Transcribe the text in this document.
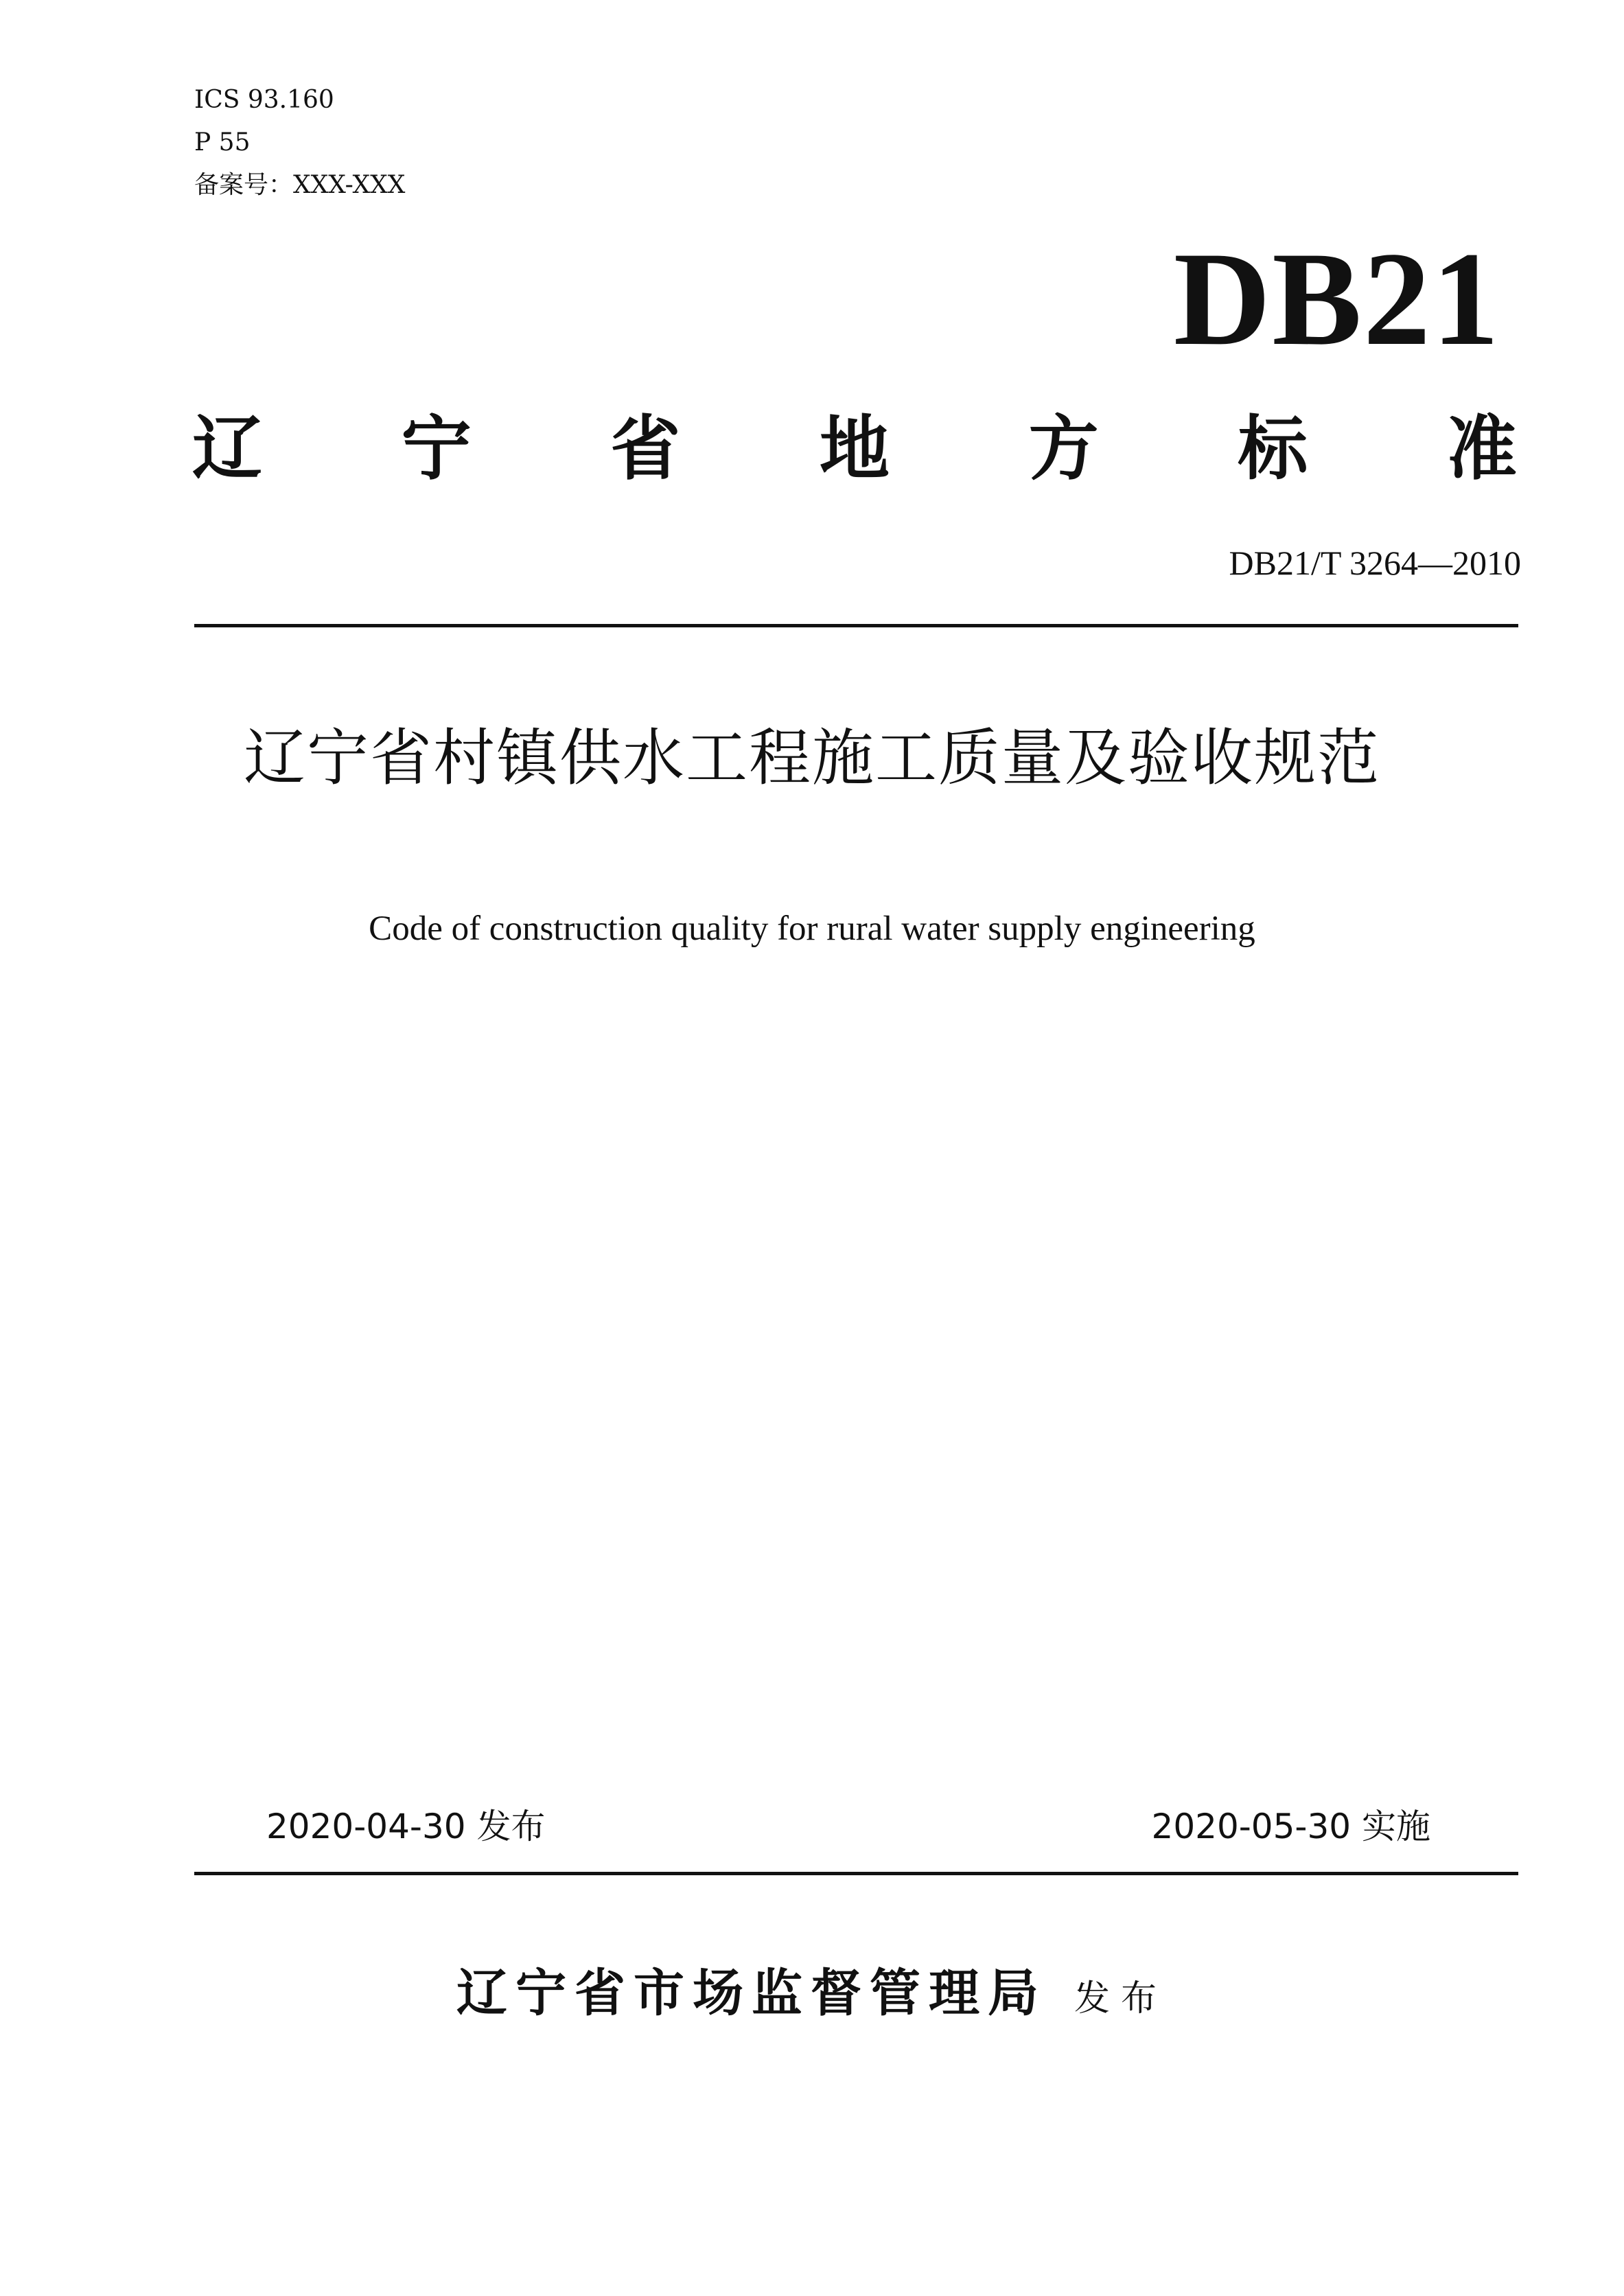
ICS 93.160
P 55
备案号：XXX-XXX
DB21
辽 宁 省 地 方 标 准
DB21/T 3264—2010
辽宁省村镇供水工程施工质量及验收规范
Code of construction quality for rural water supply engineering
2020-04-30 发布	2020-05-30 实施
辽宁省市场监督管理局 发布
